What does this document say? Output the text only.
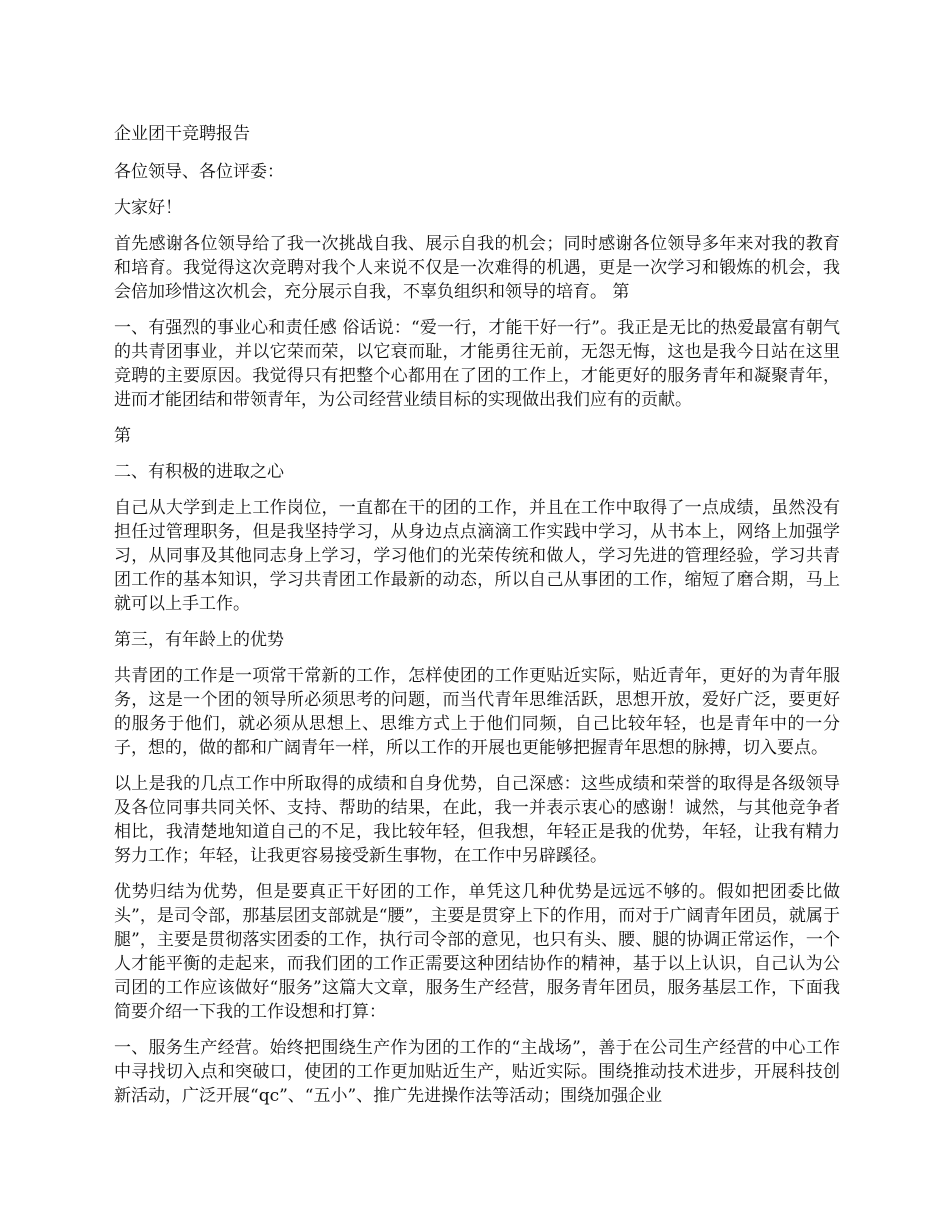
企业团干竞聘报告

各位领导、各位评委：

大家好！

首先感谢各位领导给了我一次挑战自我、展示自我的机会；同时感谢各位领导多年来对我的教育和培育。我觉得这次竞聘对我个人来说不仅是一次难得的机遇，更是一次学习和锻炼的机会，我会倍加珍惜这次机会，充分展示自我，不辜负组织和领导的培育。 第

一、有强烈的事业心和责任感 俗话说：“爱一行，才能干好一行”。我正是无比的热爱最富有朝气的共青团事业，并以它荣而荣，以它衰而耻，才能勇往无前，无怨无悔，这也是我今日站在这里竞聘的主要原因。我觉得只有把整个心都用在了团的工作上，才能更好的服务青年和凝聚青年，进而才能团结和带领青年，为公司经营业绩目标的实现做出我们应有的贡献。

第

二、有积极的进取之心

自己从大学到走上工作岗位，一直都在干的团的工作，并且在工作中取得了一点成绩，虽然没有担任过管理职务，但是我坚持学习，从身边点点滴滴工作实践中学习，从书本上，网络上加强学习，从同事及其他同志身上学习，学习他们的光荣传统和做人，学习先进的管理经验，学习共青团工作的基本知识，学习共青团工作最新的动态，所以自己从事团的工作，缩短了磨合期，马上就可以上手工作。

第三，有年龄上的优势

共青团的工作是一项常干常新的工作，怎样使团的工作更贴近实际，贴近青年，更好的为青年服务，这是一个团的领导所必须思考的问题，而当代青年思维活跃，思想开放，爱好广泛，要更好的服务于他们，就必须从思想上、思维方式上于他们同频，自己比较年轻，也是青年中的一分子，想的，做的都和广阔青年一样，所以工作的开展也更能够把握青年思想的脉搏，切入要点。

以上是我的几点工作中所取得的成绩和自身优势，自己深感：这些成绩和荣誉的取得是各级领导及各位同事共同关怀、支持、帮助的结果，在此，我一并表示衷心的感谢！诚然，与其他竞争者相比，我清楚地知道自己的不足，我比较年轻，但我想，年轻正是我的优势，年轻，让我有精力努力工作；年轻，让我更容易接受新生事物，在工作中另辟蹊径。

优势归结为优势，但是要真正干好团的工作，单凭这几种优势是远远不够的。假如把团委比做头”，是司令部，那基层团支部就是“腰”，主要是贯穿上下的作用，而对于广阔青年团员，就属于腿”，主要是贯彻落实团委的工作，执行司令部的意见，也只有头、腰、腿的协调正常运作，一个人才能平衡的走起来，而我们团的工作正需要这种团结协作的精神，基于以上认识，自己认为公司团的工作应该做好“服务”这篇大文章，服务生产经营，服务青年团员，服务基层工作，下面我简要介绍一下我的工作设想和打算：

一、服务生产经营。始终把围绕生产作为团的工作的“主战场”，善于在公司生产经营的中心工作中寻找切入点和突破口，使团的工作更加贴近生产，贴近实际。围绕推动技术进步，开展科技创新活动，广泛开展“qc”、“五小”、推广先进操作法等活动；围绕加强企业
